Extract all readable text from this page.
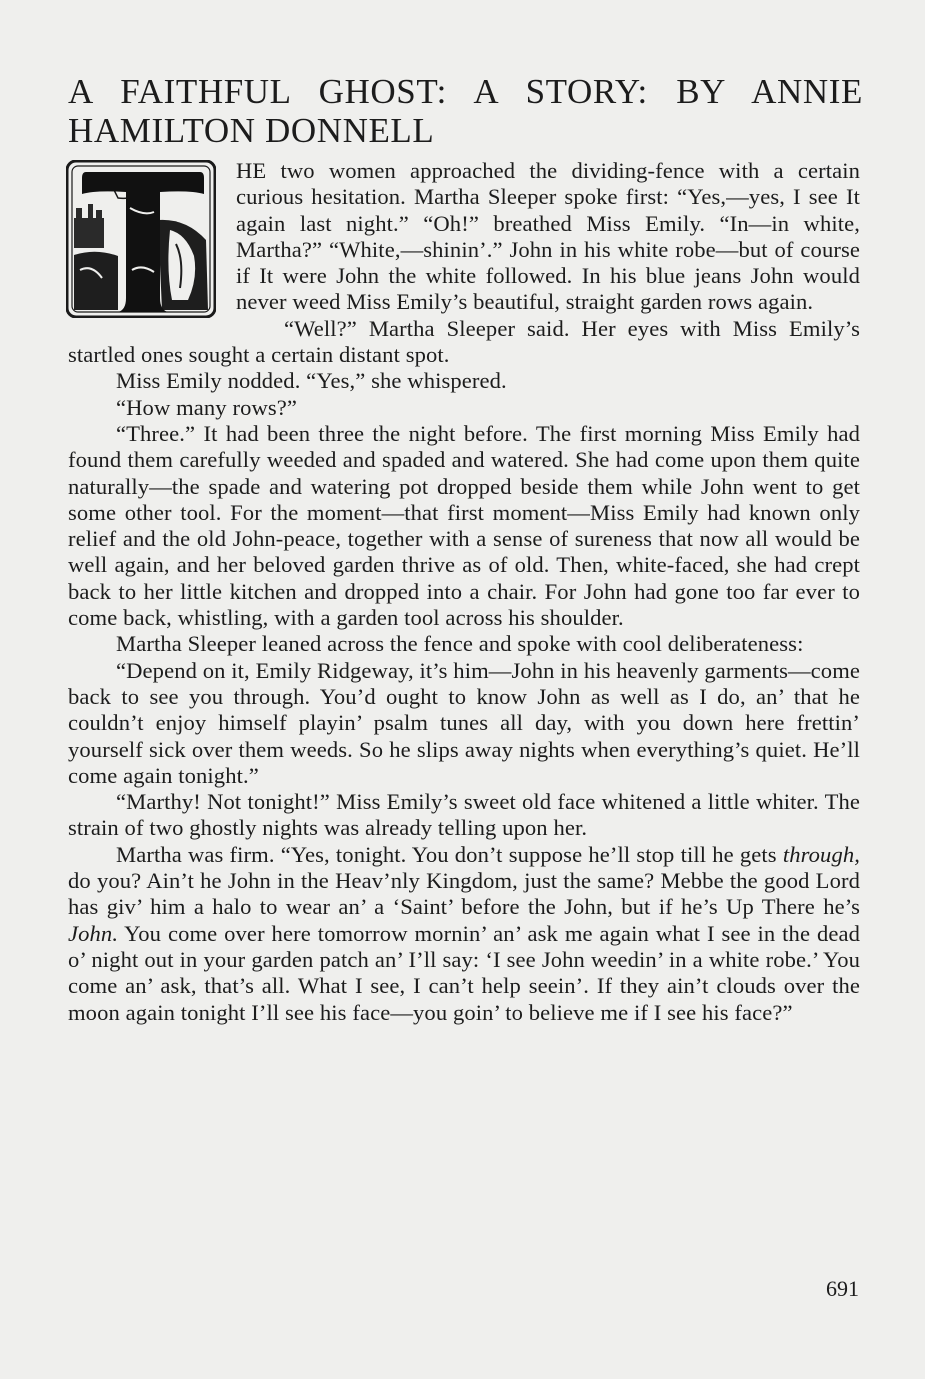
A FAITHFUL GHOST: A STORY: BY ANNIE HAMILTON DONNELL

HE two women approached the dividing-fence with a certain curious hesitation. Martha Sleeper spoke first: “Yes,—yes, I see It again last night.” “Oh!” breathed Miss Emily. “In—in white, Martha?” “White,—shinin’.” John in his white robe—but of course if It were John the white followed. In his blue jeans John would never weed Miss Emily’s beautiful, straight garden rows again.

“Well?” Martha Sleeper said. Her eyes with Miss Emily’s startled ones sought a certain distant spot.

Miss Emily nodded. “Yes,” she whispered.

“How many rows?”

“Three.” It had been three the night before. The first morning Miss Emily had found them carefully weeded and spaded and watered. She had come upon them quite naturally—the spade and watering pot dropped beside them while John went to get some other tool. For the moment—that first moment—Miss Emily had known only relief and the old John-peace, together with a sense of sureness that now all would be well again, and her beloved garden thrive as of old. Then, white-faced, she had crept back to her little kitchen and dropped into a chair. For John had gone too far ever to come back, whistling, with a garden tool across his shoulder.

Martha Sleeper leaned across the fence and spoke with cool deliberateness:

“Depend on it, Emily Ridgeway, it’s him—John in his heavenly garments—come back to see you through. You’d ought to know John as well as I do, an’ that he couldn’t enjoy himself playin’ psalm tunes all day, with you down here frettin’ yourself sick over them weeds. So he slips away nights when everything’s quiet. He’ll come again tonight.”

“Marthy! Not tonight!” Miss Emily’s sweet old face whitened a little whiter. The strain of two ghostly nights was already telling upon her.

Martha was firm. “Yes, tonight. You don’t suppose he’ll stop till he gets through, do you? Ain’t he John in the Heav’nly Kingdom, just the same? Mebbe the good Lord has giv’ him a halo to wear an’ a ‘Saint’ before the John, but if he’s Up There he’s John. You come over here tomorrow mornin’ an’ ask me again what I see in the dead o’ night out in your garden patch an’ I’ll say: ‘I see John weedin’ in a white robe.’ You come an’ ask, that’s all. What I see, I can’t help seein’. If they ain’t clouds over the moon again tonight I’ll see his face—you goin’ to believe me if I see his face?”

691
